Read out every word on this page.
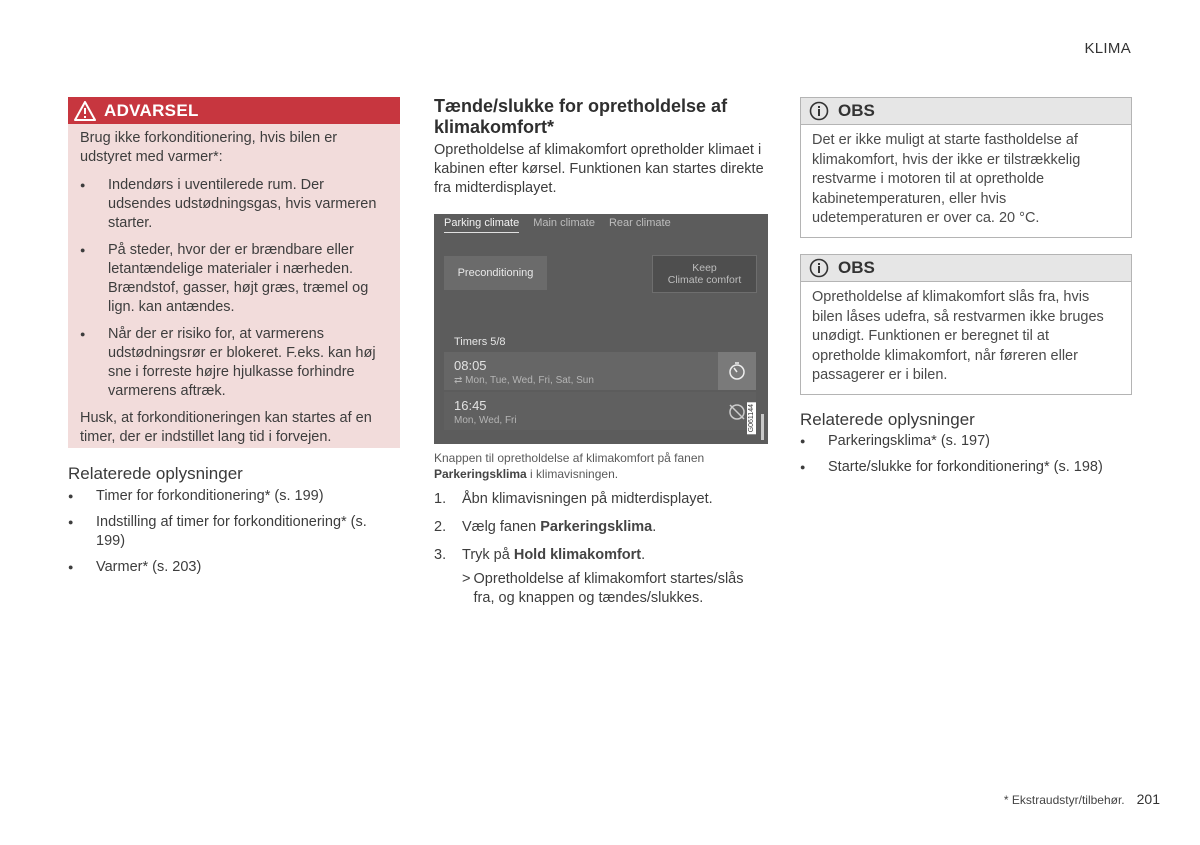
KLIMA
ADVARSEL

Brug ikke forkonditionering, hvis bilen er udstyret med varmer*:

● Indendørs i uventilerede rum. Der udsendes udstødningsgas, hvis varmeren starter.
● På steder, hvor der er brændbare eller letantændelige materialer i nærheden. Brændstof, gasser, højt græs, træmel og lign. kan antændes.
● Når der er risiko for, at varmerens udstødningsrør er blokeret. F.eks. kan høj sne i forreste højre hjulkasse forhindre varmerens aftræk.

Husk, at forkonditioneringen kan startes af en timer, der er indstillet lang tid i forvejen.

Relaterede oplysninger
● Timer for forkonditionering* (s. 199)
● Indstilling af timer for forkonditionering* (s. 199)
● Varmer* (s. 203)
Tænde/slukke for opretholdelse af klimakomfort*
Opretholdelse af klimakomfort opretholder klimaet i kabinen efter kørsel. Funktionen kan startes direkte fra midterdisplayet.
Parking climate Main climate Rear climate
Preconditioning	Keep
Climate comfort
Timers 5/8
08:05
⇄ Mon, Tue, Wed, Fri, Sat, Sun
16:45
Mon, Wed, Fri	G061144
Knappen til opretholdelse af klimakomfort på fanen Parkeringsklima i klimavisningen.
1.	Åbn klimavisningen på midterdisplayet.
2.	Vælg fanen Parkeringsklima.
3.	Tryk på Hold klimakomfort.
> Opretholdelse af klimakomfort startes/slås fra, og knappen og tændes/slukkes.
OBS
Det er ikke muligt at starte fastholdelse af klimakomfort, hvis der ikke er tilstrækkelig restvarme i motoren til at opretholde kabinetemperaturen, eller hvis udetemperaturen er over ca. 20 °C.
OBS
Opretholdelse af klimakomfort slås fra, hvis bilen låses udefra, så restvarmen ikke bruges unødigt. Funktionen er beregnet til at opretholde klimakomfort, når føreren eller passagerer er i bilen.
Relaterede oplysninger
● Parkeringsklima* (s. 197)
● Starte/slukke for forkonditionering* (s. 198)
* Ekstraudstyr/tilbehør. 201
